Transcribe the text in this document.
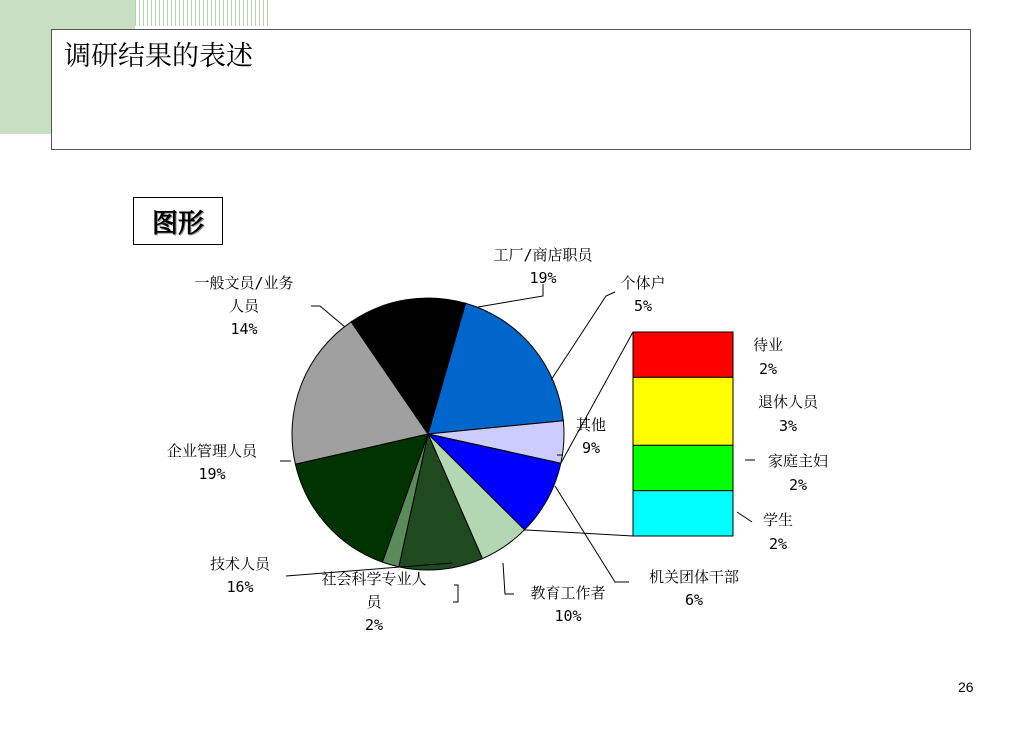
调研结果的表述
图形
工厂/商店职员
19%	个体户
5%
其他
9%
机关团体干部
6%
教育工作者
10%
社会科学专业人
员
2%
技术人员
16%
企业管理人员
19%
一般文员/业务
人员
14%
待业
2%
退休人员
3%
家庭主妇
2%
学生
2%
26
